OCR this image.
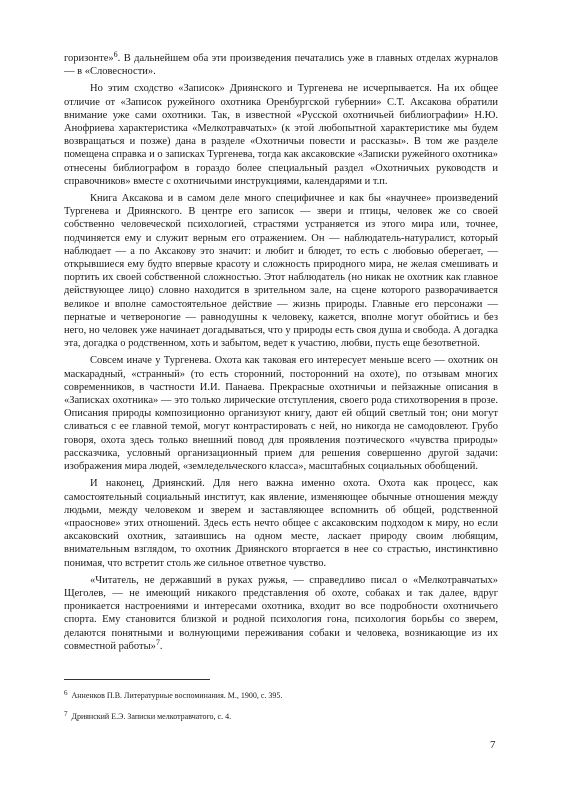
горизонте»$^6$. В дальнейшем оба эти произведения печатались уже в главных отделах журналов — в «Словесности».

Но этим сходство «Записок» Дриянского и Тургенева не исчерпывается. На их общее отличие от «Записок ружейного охотника Оренбургской губернии» С.Т. Аксакова обратили внимание уже сами охотники. Так, в известной «Русской охотничьей библиографии» Н.Ю. Анофриева характеристика «Мелкотравчатых» (к этой любопытной характеристике мы будем возвращаться и позже) дана в разделе «Охотничьи повести и рассказы». В том же разделе помещена справка и о записках Тургенева, тогда как аксаковские «Записки ружейного охотника» отнесены библиографом в гораздо более специальный раздел «Охотничьих руководств и справочников» вместе с охотничьими инструкциями, календарями и т.п.

Книга Аксакова и в самом деле много специфичнее и как бы «научнее» произведений Тургенева и Дриянского. В центре его записок — звери и птицы, человек же со своей собственно человеческой психологией, страстями устраняется из этого мира или, точнее, подчиняется ему и служит верным его отражением. Он — наблюдатель-натуралист, который наблюдает — а по Аксакову это значит: и любит и блюдет, то есть с любовью оберегает, — открывшиеся ему будто впервые красоту и сложность природного мира, не желая смешивать и портить их своей собственной сложностью. Этот наблюдатель (но никак не охотник как главное действующее лицо) словно находится в зрительном зале, на сцене которого разворачивается великое и вполне самостоятельное действие — жизнь природы. Главные его персонажи — пернатые и четвероногие — равнодушны к человеку, кажется, вполне могут обойтись и без него, но человек уже начинает догадываться, что у природы есть своя душа и свобода. А догадка эта, догадка о родственном, хоть и забытом, ведет к участию, любви, пусть еще безответной.

Совсем иначе у Тургенева. Охота как таковая его интересует меньше всего — охотник он маскарадный, «странный» (то есть сторонний, посторонний на охоте), по отзывам многих современников, в частности И.И. Панаева. Прекрасные охотничьи и пейзажные описания в «Записках охотника» — это только лирические отступления, своего рода стихотворения в прозе. Описания природы композиционно организуют книгу, дают ей общий светлый тон; они могут сливаться с ее главной темой, могут контрастировать с ней, но никогда не самодовлеют. Грубо говоря, охота здесь только внешний повод для проявления поэтического «чувства природы» рассказчика, условный организационный прием для решения совершенно другой задачи: изображения мира людей, «земледельческого класса», масштабных социальных обобщений.

И наконец, Дриянский. Для него важна именно охота. Охота как процесс, как самостоятельный социальный институт, как явление, изменяющее обычные отношения между людьми, между человеком и зверем и заставляющее вспомнить об общей, родственной «праоснове» этих отношений. Здесь есть нечто общее с аксаковским подходом к миру, но если аксаковский охотник, затаившись на одном месте, ласкает природу своим любящим, внимательным взглядом, то охотник Дриянского вторгается в нее со страстью, инстинктивно понимая, что встретит столь же сильное ответное чувство.

«Читатель, не державший в руках ружья, — справедливо писал о «Мелкотравчатых» Щеголев, — не имеющий никакого представления об охоте, собаках и так далее, вдруг проникается настроениями и интересами охотника, входит во все подробности охотничьего спорта. Ему становится близкой и родной психология гона, психология борьбы со зверем, делаются понятными и волнующими переживания собаки и человека, возникающие из их совместной работы»$^7$.

6 Анненков П.В. Литературные воспоминания. М., 1900, с. 395.
7 Дриянский Е.Э. Записки мелкотравчатого, с. 4.
7
